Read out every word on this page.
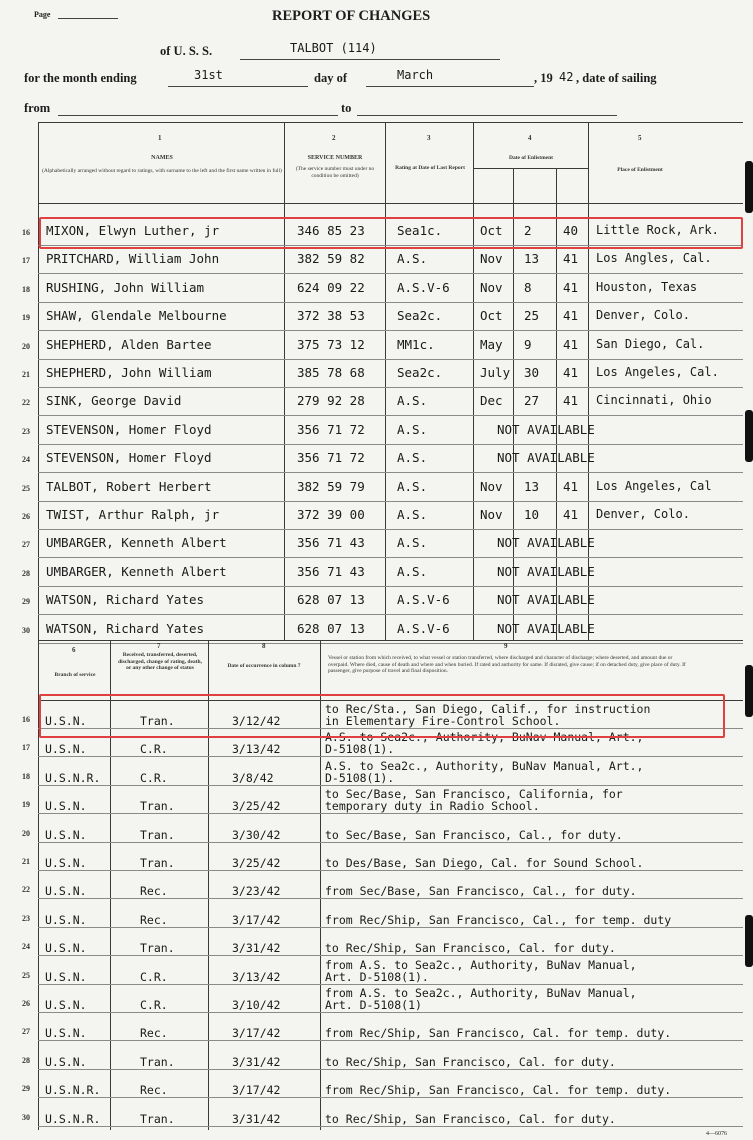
Page	REPORT OF CHANGES
of U. S. S.	TALBOT (114)
for the month ending	31st	day of	March	, 19 42 , date of sailing
from	to
1
NAMES
(Alphabetically arranged without regard to ratings, with surname to the left and the first name written in full)
2
SERVICE NUMBER
(The service number must under no condition be omitted)
3
Rating at Date of Last Report
4
Date of Enlistment
5
Place of Enlistment
16 MIXON, Elwyn Luther, jr	346 85 23	Sea1c.	Oct 2	40 Little Rock, Ark.
17 PRITCHARD, William John	382 59 82	A.S.	Nov 13 41 Los Angles, Cal.
18 RUSHING, John William	624 09 22	A.S.V-6 Nov 8	41 Houston, Texas
19 SHAW, Glendale Melbourne	372 38 53	Sea2c.	Oct 25 41 Denver, Colo.
20 SHEPHERD, Alden Bartee	375 73 12	MM1c.	May 9	41 San Diego, Cal.
21 SHEPHERD, John William	385 78 68	Sea2c.	July 30 41 Los Angeles, Cal.
22 SINK, George David	279 92 28	A.S.	Dec 27 41 Cincinnati, Ohio
23 STEVENSON, Homer Floyd	356 71 72	A.S.	NOT AVAILABLE
24 STEVENSON, Homer Floyd	356 71 72	A.S.	NOT AVAILABLE
25 TALBOT, Robert Herbert	382 59 79	A.S.	Nov 13 41 Los Angeles, Cal
26 TWIST, Arthur Ralph, jr	372 39 00	A.S.	Nov 10 41 Denver, Colo.
27 UMBARGER, Kenneth Albert	356 71 43	A.S.	NOT AVAILABLE
28 UMBARGER, Kenneth Albert	356 71 43	A.S.	NOT AVAILABLE
29 WATSON, Richard Yates	628 07 13	A.S.V-6	NOT AVAILABLE
30 WATSON, Richard Yates	628 07 13	A.S.V-6	NOT AVAILABLE
6
Branch of service
7
Received, transferred, deserted, discharged, change of rating, death, or any other change of status
8
Date of occurrence in column 7
9
Vessel or station from which received, to what vessel or station transferred, where discharged and character of discharge; where deserted, and amount due or overpaid. Where died, cause of death and where and when buried. If rated and authority for same. If disrated, give cause; if on detached duty, give place of duty. If passenger, give purpose of travel and final disposition.
16 U.S.N.	Tran.	3/12/42
to Rec/Sta., San Diego, Calif., for instruction
in Elementary Fire-Control School.
17 U.S.N.	C.R.	3/13/42
A.S. to Sea2c., Authority, BuNav Manual, Art.,
D-5108(1).
18 U.S.N.R.	C.R.	3/8/42
A.S. to Sea2c., Authority, BuNav Manual, Art.,
D-5108(1).
19 U.S.N.	Tran.	3/25/42
to Sec/Base, San Francisco, California, for
temporary duty in Radio School.
20 U.S.N.	Tran.	3/30/42	to Sec/Base, San Francisco, Cal., for duty.
21 U.S.N.	Tran.	3/25/42	to Des/Base, San Diego, Cal. for Sound School.
22 U.S.N.	Rec.	3/23/42	from Sec/Base, San Francisco, Cal., for duty.
23 U.S.N.	Rec.	3/17/42	from Rec/Ship, San Francisco, Cal., for temp. duty
24 U.S.N.	Tran.	3/31/42	to Rec/Ship, San Francisco, Cal. for duty.
25 U.S.N.	C.R.	3/13/42
from A.S. to Sea2c., Authority, BuNav Manual,
Art. D-5108(1).
26 U.S.N.	C.R.	3/10/42
from A.S. to Sea2c., Authority, BuNav Manual,
Art. D-5108(1)
27 U.S.N.	Rec.	3/17/42	from Rec/Ship, San Francisco, Cal. for temp. duty.
28 U.S.N.	Tran.	3/31/42	to Rec/Ship, San Francisco, Cal. for duty.
29 U.S.N.R.	Rec.	3/17/42	from Rec/Ship, San Francisco, Cal. for temp. duty.
30 U.S.N.R.	Tran.	3/31/42	to Rec/Ship, San Francisco, Cal. for duty.
4—6076
